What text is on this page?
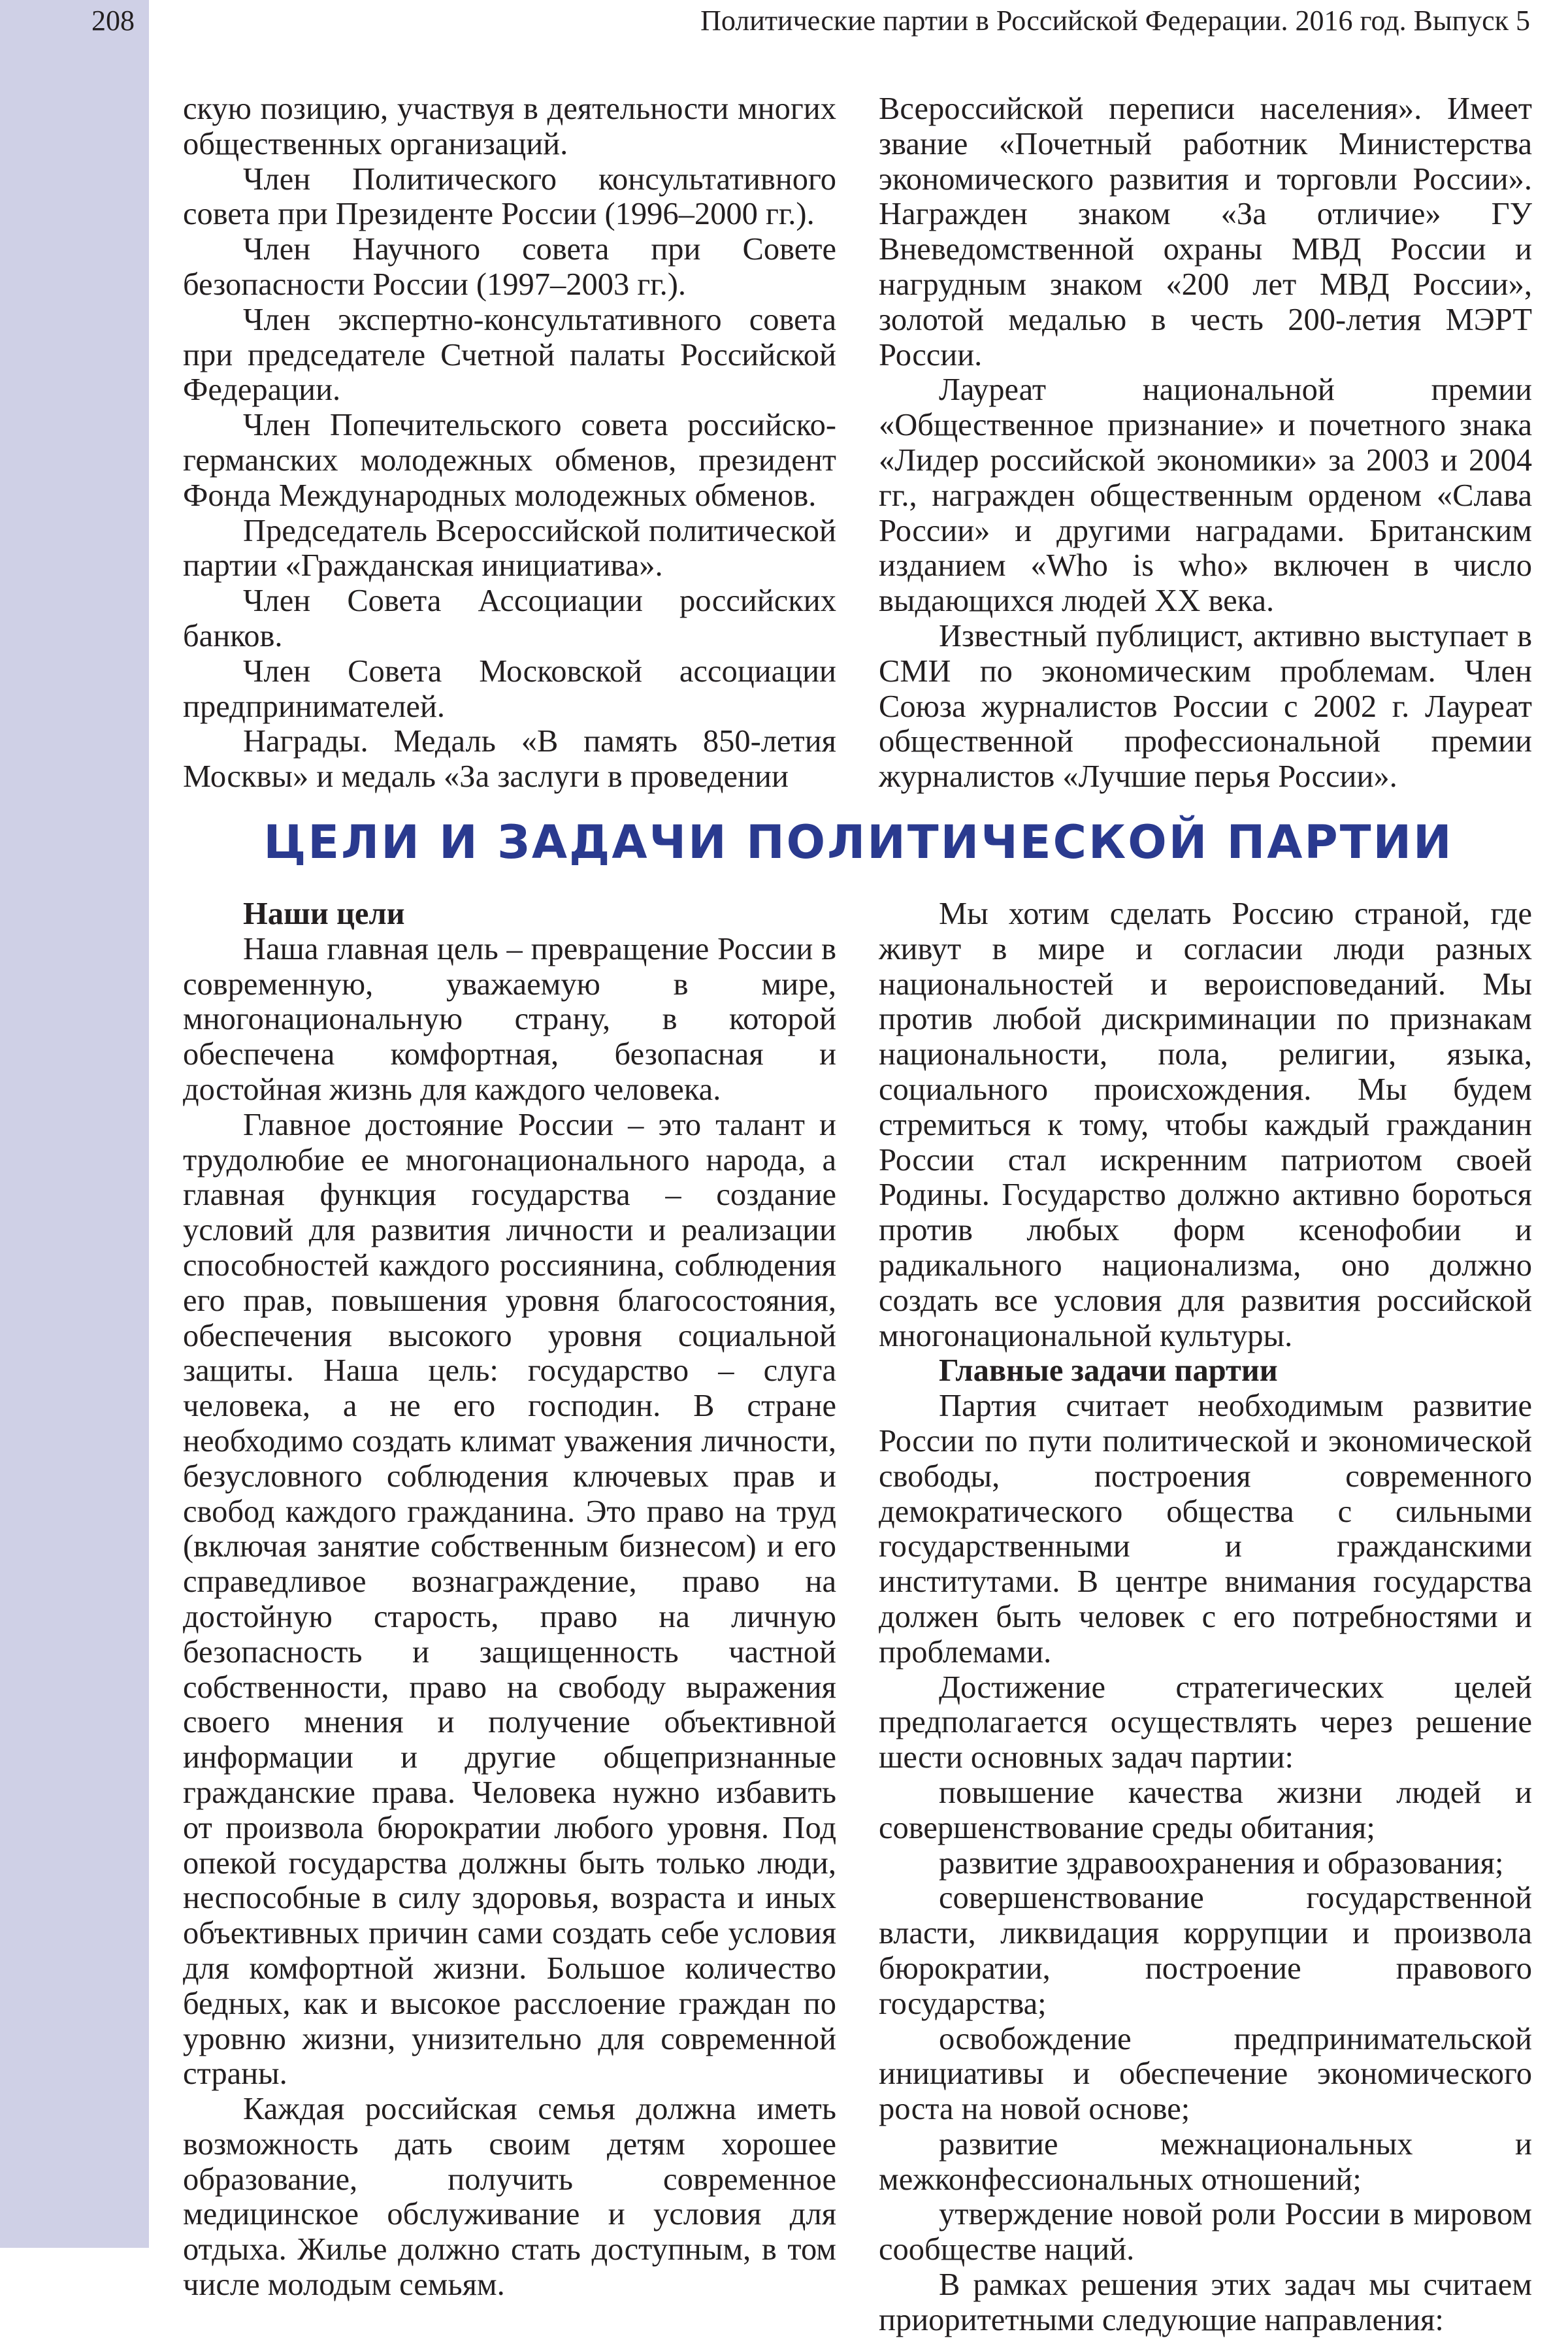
208	Политические партии в Российской Федерации. 2016 год. Выпуск 5

скую позицию, участвуя в деятельности многих общественных организаций.

Член Политического консультативного совета при Президенте России (1996–2000 гг.).

Член Научного совета при Совете безопасности России (1997–2003 гг.).

Член экспертно-консультативного совета при председателе Счетной палаты Российской Федерации.

Член Попечительского совета российско-германских молодежных обменов, президент Фонда Международных молодежных обменов.

Председатель Всероссийской политической партии «Гражданская инициатива».

Член Совета Ассоциации российских банков.

Член Совета Московской ассоциации предпринимателей.

Награды. Медаль «В память 850-летия Москвы» и медаль «За заслуги в проведении

Всероссийской переписи населения». Имеет звание «Почетный работник Министерства экономического развития и торговли России». Награжден знаком «За отличие» ГУ Вневедомственной охраны МВД России и нагрудным знаком «200 лет МВД России», золотой медалью в честь 200-летия МЭРТ России.

Лауреат национальной премии «Общественное признание» и почетного знака «Лидер российской экономики» за 2003 и 2004 гг., награжден общественным орденом «Слава России» и другими наградами. Британским изданием «Who is who» включен в число выдающихся людей XX века.

Известный публицист, активно выступает в СМИ по экономическим проблемам. Член Союза журналистов России с 2002 г. Лауреат общественной профессиональной премии журналистов «Лучшие перья России».

ЦЕЛИ И ЗАДАЧИ ПОЛИТИЧЕСКОЙ ПАРТИИ

Наши цели

Наша главная цель – превращение России в современную, уважаемую в мире, многонациональную страну, в которой обеспечена комфортная, безопасная и достойная жизнь для каждого человека.

Главное достояние России – это талант и трудолюбие ее многонационального народа, а главная функция государства – создание условий для развития личности и реализации способностей каждого россиянина, соблюдения его прав, повышения уровня благосостояния, обеспечения высокого уровня социальной защиты. Наша цель: государство – слуга человека, а не его господин. В стране необходимо создать климат уважения личности, безусловного соблюдения ключевых прав и свобод каждого гражданина. Это право на труд (включая занятие собственным бизнесом) и его справедливое вознаграждение, право на достойную старость, право на личную безопасность и защищенность частной собственности, право на свободу выражения своего мнения и получение объективной информации и другие общепризнанные гражданские права. Человека нужно избавить от произвола бюрократии любого уровня. Под опекой государства должны быть только люди, неспособные в силу здоровья, возраста и иных объективных причин сами создать себе условия для комфортной жизни. Большое количество бедных, как и высокое расслоение граждан по уровню жизни, унизительно для современной страны.

Каждая российская семья должна иметь возможность дать своим детям хорошее образование, получить современное медицинское обслуживание и условия для отдыха. Жилье должно стать доступным, в том числе молодым семьям.

Мы хотим сделать Россию страной, где живут в мире и согласии люди разных национальностей и вероисповеданий. Мы против любой дискриминации по признакам национальности, пола, религии, языка, социального происхождения. Мы будем стремиться к тому, чтобы каждый гражданин России стал искренним патриотом своей Родины. Государство должно активно бороться против любых форм ксенофобии и радикального национализма, оно должно создать все условия для развития российской многонациональной культуры.

Главные задачи партии

Партия считает необходимым развитие России по пути политической и экономической свободы, построения современного демократического общества с сильными государственными и гражданскими институтами. В центре внимания государства должен быть человек с его потребностями и проблемами.

Достижение стратегических целей предполагается осуществлять через решение шести основных задач партии:

повышение качества жизни людей и совершенствование среды обитания;

развитие здравоохранения и образования;

совершенствование государственной власти, ликвидация коррупции и произвола бюрократии, построение правового государства;

освобождение предпринимательской инициативы и обеспечение экономического роста на новой основе;

развитие межнациональных и межконфессиональных отношений;

утверждение новой роли России в мировом сообществе наций.

В рамках решения этих задач мы считаем приоритетными следующие направления:
